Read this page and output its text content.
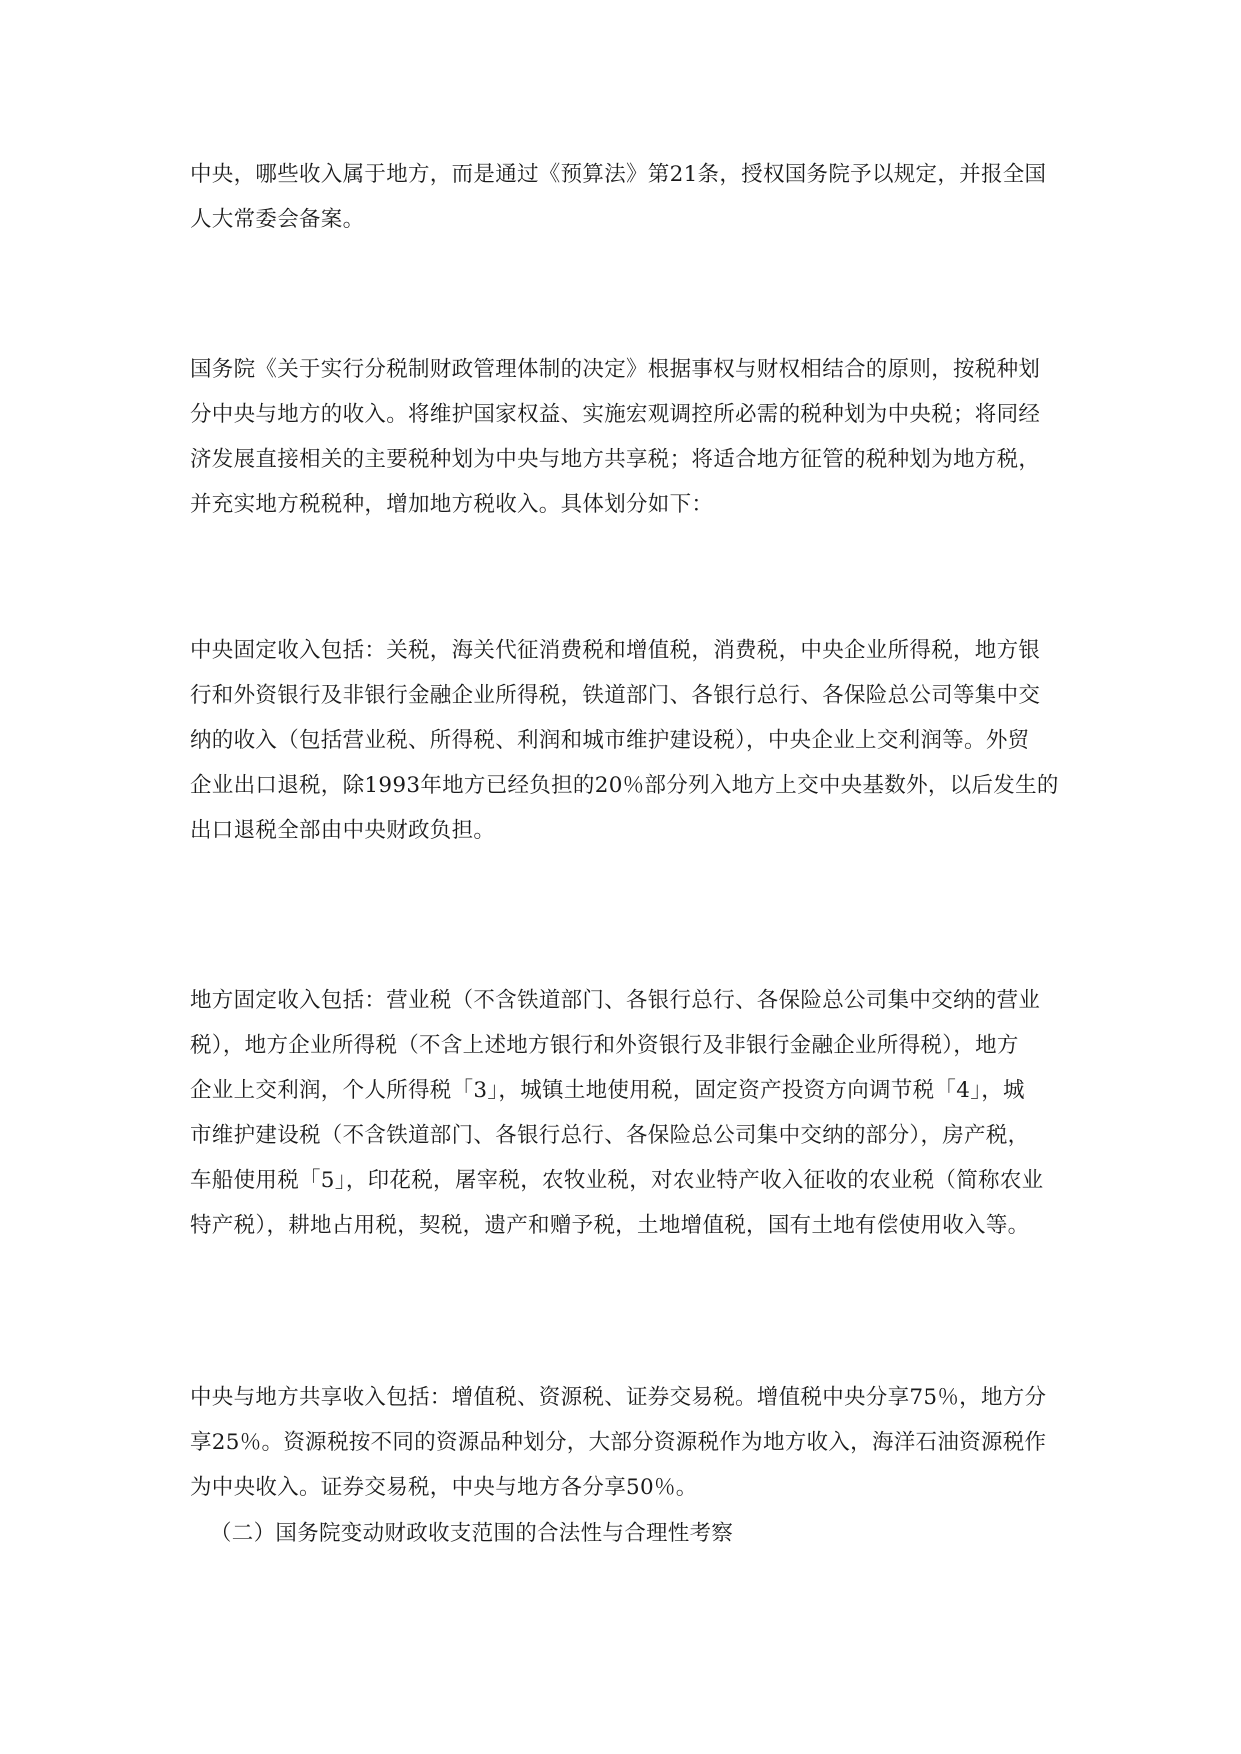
中央，哪些收入属于地方，而是通过《预算法》第21条，授权国务院予以规定，并报全国
人大常委会备案。
国务院《关于实行分税制财政管理体制的决定》根据事权与财权相结合的原则，按税种划
分中央与地方的收入。将维护国家权益、实施宏观调控所必需的税种划为中央税；将同经
济发展直接相关的主要税种划为中央与地方共享税；将适合地方征管的税种划为地方税，
并充实地方税税种，增加地方税收入。具体划分如下：
中央固定收入包括：关税，海关代征消费税和增值税，消费税，中央企业所得税，地方银
行和外资银行及非银行金融企业所得税，铁道部门、各银行总行、各保险总公司等集中交
纳的收入（包括营业税、所得税、利润和城市维护建设税），中央企业上交利润等。外贸
企业出口退税，除1993年地方已经负担的20％部分列入地方上交中央基数外，以后发生的
出口退税全部由中央财政负担。
地方固定收入包括：营业税（不含铁道部门、各银行总行、各保险总公司集中交纳的营业
税），地方企业所得税（不含上述地方银行和外资银行及非银行金融企业所得税），地方
企业上交利润，个人所得税「3」，城镇土地使用税，固定资产投资方向调节税「4」，城
市维护建设税（不含铁道部门、各银行总行、各保险总公司集中交纳的部分），房产税，
车船使用税「5」，印花税，屠宰税，农牧业税，对农业特产收入征收的农业税（简称农业
特产税），耕地占用税，契税，遗产和赠予税，土地增值税，国有土地有偿使用收入等。
中央与地方共享收入包括：增值税、资源税、证券交易税。增值税中央分享75％，地方分
享25％。资源税按不同的资源品种划分，大部分资源税作为地方收入，海洋石油资源税作
为中央收入。证券交易税，中央与地方各分享50％。
（二）国务院变动财政收支范围的合法性与合理性考察
